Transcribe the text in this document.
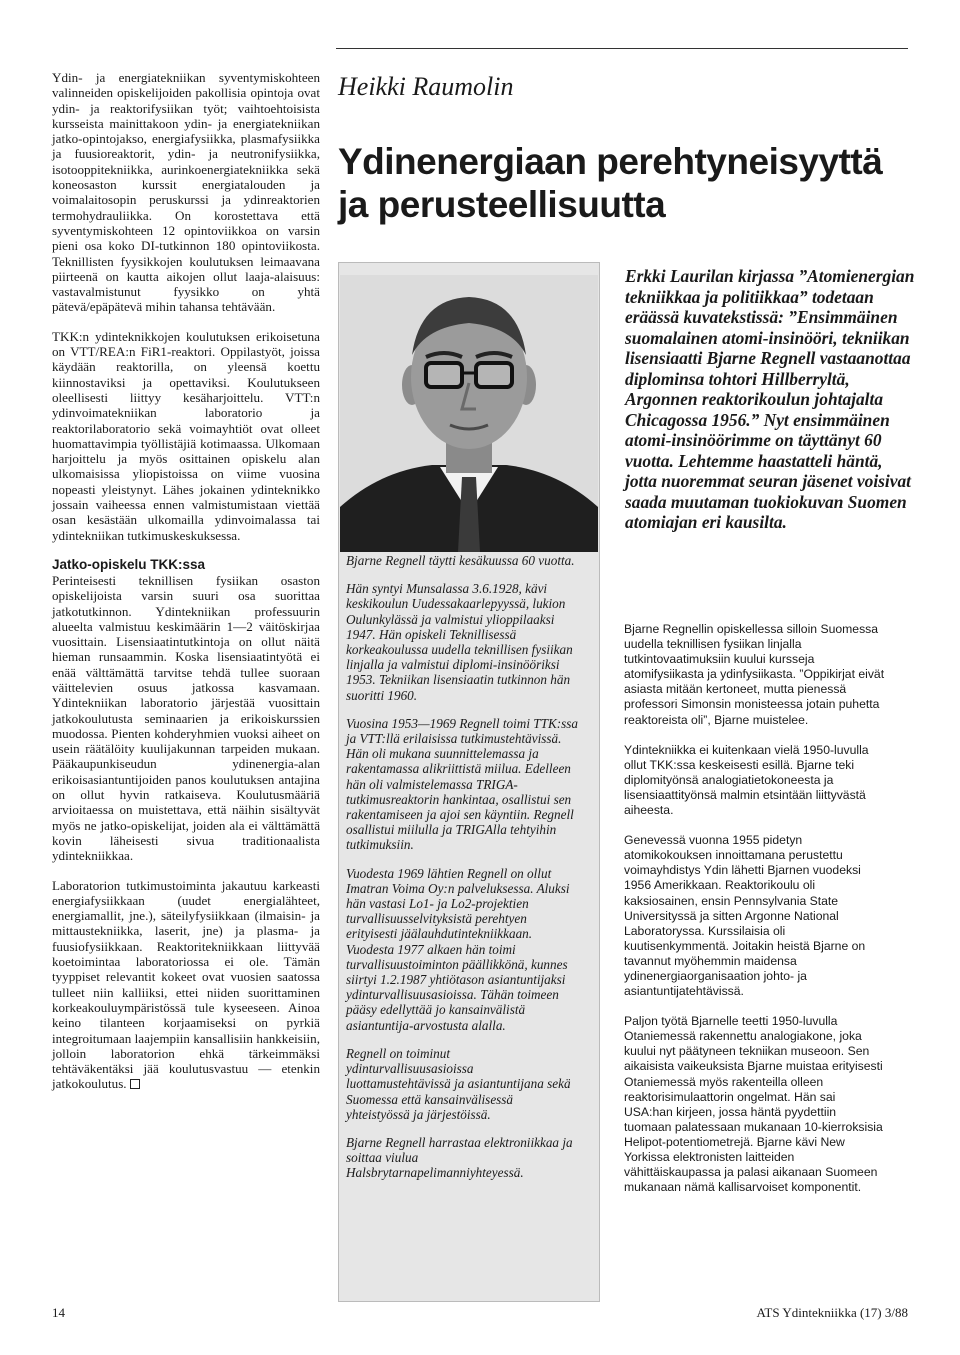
Ydin- ja energiatekniikan syventymiskohteen valinneiden opiskelijoiden pakollisia opintoja ovat ydin- ja reaktorifysiikan työt; vaihtoehtoisista kursseista mainittakoon ydin- ja energiatekniikan jatko-opintojakso, energiafysiikka, plasmafysiikka ja fuusioreaktorit, ydin- ja neutronifysiikka, isotooppitekniikka, aurinkoenergiatekniikka sekä koneosaston kurssit energiatalouden ja voimalaitosopin peruskurssi ja ydinreaktorien termohydrauliikka. On korostettava että syventymiskohteen 12 opintoviikkoa on varsin pieni osa koko DI-tutkinnon 180 opintoviikosta. Teknillisten fyysikkojen koulutuksen leimaavana piirteenä on kautta aikojen ollut laaja-alaisuus: vastavalmistunut fyysikko on yhtä pätevä/epäpätevä mihin tahansa tehtävään.

TKK:n ydinteknikkojen koulutuksen erikoisetuna on VTT/REA:n FiR1-reaktori. Oppilastyöt, joissa käydään reaktorilla, on yleensä koettu kiinnostaviksi ja opettaviksi. Koulutukseen oleellisesti liittyy kesäharjoittelu. VTT:n ydinvoimatekniikan laboratorio ja reaktorilaboratorio sekä voimayhtiöt ovat olleet huomattavimpia työllistäjiä kotimaassa. Ulkomaan harjoittelu ja myös osittainen opiskelu alan ulkomaisissa yliopistoissa on viime vuosina nopeasti yleistynyt. Lähes jokainen ydinteknikko jossain vaiheessa ennen valmistumistaan viettää osan kesästään ulkomailla ydinvoimalassa tai ydintekniikan tutkimuskeskuksessa.

Jatko-opiskelu TKK:ssa

Perinteisesti teknillisen fysiikan osaston opiskelijoista varsin suuri osa suorittaa jatkotutkinnon. Ydintekniikan professuurin alueelta valmistuu keskimäärin 1—2 väitöskirjaa vuosittain. Lisensiaatintutkintoja on ollut näitä hieman runsaammin. Koska lisensiaatintyötä ei enää välttämättä tarvitse tehdä tullee suoraan väittelevien osuus jatkossa kasvamaan. Ydintekniikan laboratorio järjestää vuosittain jatkokoulutusta seminaarien ja erikoiskurssien muodossa. Pienten kohderyhmien vuoksi aiheet on usein räätälöity kuulijakunnan tarpeiden mukaan. Pääkaupunkiseudun ydinenergia-alan erikoisasiantuntijoiden panos koulutuksen antajina on ollut hyvin ratkaiseva. Koulutusmääriä arvioitaessa on muistettava, että näihin sisältyvät myös ne jatko-opiskelijat, joiden ala ei välttämättä kovin läheisesti sivua traditionaalista ydintekniikkaa.

Laboratorion tutkimustoiminta jakautuu karkeasti energiafysiikkaan (uudet energialähteet, energiamallit, jne.), säteilyfysiikkaan (ilmaisin- ja mittaustekniikka, laserit, jne) ja plasma- ja fuusiofysiikkaan. Reaktoritekniikkaan liittyvää koetoimintaa laboratoriossa ei ole. Tämän tyyppiset relevantit kokeet ovat vuosien saatossa tulleet niin kalliiksi, ettei niiden suorittaminen korkeakouluympäristössä tule kyseeseen. Ainoa keino tilanteen korjaamiseksi on pyrkiä integroitumaan laajempiin kansallisiin hankkeisiin, jolloin laboratorion ehkä tärkeimmäksi tehtäväkentäksi jää koulutusvastuu — etenkin jatkokoulutus.

Heikki Raumolin
Ydinenergiaan perehtyneisyyttä ja perusteellisuutta

Bjarne Regnell täytti kesäkuussa 60 vuotta.

Hän syntyi Munsalassa 3.6.1928, kävi keskikoulun Uudessakaarlepyyssä, lukion Oulunkylässä ja valmistui ylioppilaaksi 1947. Hän opiskeli Teknillisessä korkeakoulussa uudella teknillisen fysiikan linjalla ja valmistui diplomi-insinööriksi 1953. Tekniikan lisensiaatin tutkinnon hän suoritti 1960.

Vuosina 1953—1969 Regnell toimi TTK:ssa ja VTT:llä erilaisissa tutkimustehtävissä. Hän oli mukana suunnittelemassa ja rakentamassa alikriittistä miilua. Edelleen hän oli valmistelemassa TRIGA-tutkimusreaktorin hankintaa, osallistui sen rakentamiseen ja ajoi sen käyntiin. Regnell osallistui miilulla ja TRIGAlla tehtyihin tutkimuksiin.

Vuodesta 1969 lähtien Regnell on ollut Imatran Voima Oy:n palveluksessa. Aluksi hän vastasi Lo1- ja Lo2-projektien turvallisuusselvityksistä perehtyen erityisesti jäälauhdutintekniikkaan. Vuodesta 1977 alkaen hän toimi turvallisuustoiminton päällikkönä, kunnes siirtyi 1.2.1987 yhtiötason asiantuntijaksi ydinturvallisuusasioissa. Tähän toimeen pääsy edellyttää jo kansainvälistä asiantuntija-arvostusta alalla.

Regnell on toiminut ydinturvallisuusasioissa luottamustehtävissä ja asiantuntijana sekä Suomessa että kansainvälisessä yhteistyössä ja järjestöissä.

Bjarne Regnell harrastaa elektroniikkaa ja soittaa viulua Halsbrytarnapelimanniyhteyessä.

Erkki Laurilan kirjassa ”Atomienergian tekniikkaa ja politiikkaa” todetaan eräässä kuvatekstissä: ”Ensimmäinen suomalainen atomi-insinööri, tekniikan lisensiaatti Bjarne Regnell vastaanottaa diplominsa tohtori Hillberryltä, Argonnen reaktorikoulun johtajalta Chicagossa 1956.” Nyt ensimmäinen atomi-insinöörimme on täyttänyt 60 vuotta. Lehtemme haastatteli häntä, jotta nuoremmat seuran jäsenet voisivat saada muutaman tuokiokuvan Suomen atomiajan eri kausilta.

Bjarne Regnellin opiskellessa silloin Suomessa uudella teknillisen fysiikan linjalla tutkintovaatimuksiin kuului kursseja atomifysiikasta ja ydinfysiikasta. ”Oppikirjat eivät asiasta mitään kertoneet, mutta pienessä professori Simonsin monisteessa jotain puhetta reaktoreista oli”, Bjarne muistelee.

Ydintekniikka ei kuitenkaan vielä 1950-luvulla ollut TKK:ssa keskeisesti esillä. Bjarne teki diplomityönsä analogiatietokoneesta ja lisensiaattityönsä malmin etsintään liittyvästä aiheesta.

Genevessä vuonna 1955 pidetyn atomikokouksen innoittamana perustettu voimayhdistys Ydin lähetti Bjarnen vuodeksi 1956 Amerikkaan. Reaktorikoulu oli kaksiosainen, ensin Pennsylvania State Universityssä ja sitten Argonne National Laboratoryssa. Kurssilaisia oli kuutisenkymmentä. Joitakin heistä Bjarne on tavannut myöhemmin maidensa ydinenergiaorganisaation johto- ja asiantuntijatehtävissä.

Paljon työtä Bjarnelle teetti 1950-luvulla Otaniemessä rakennettu analogiakone, joka kuului nyt päätyneen tekniikan museoon. Sen aikaisista vaikeuksista Bjarne muistaa erityisesti Otaniemessä myös rakenteilla olleen reaktorisimulaattorin ongelmat. Hän sai USA:han kirjeen, jossa häntä pyydettiin tuomaan palatessaan mukanaan 10-kierroksisia Helipot-potentiometrejä. Bjarne kävi New Yorkissa elektronisten laitteiden vähittäiskaupassa ja palasi aikanaan Suomeen mukanaan nämä kallisarvoiset komponentit.

14	ATS Ydintekniikka (17) 3/88
